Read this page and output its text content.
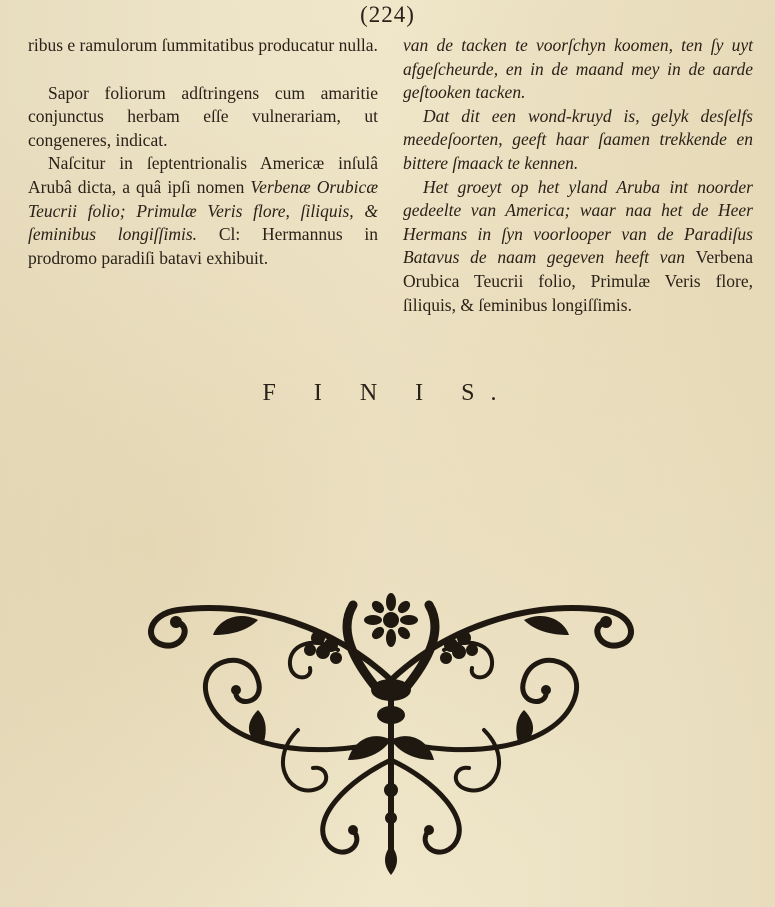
(224)

ribus e ramulorum ſummitatibus producatur nulla.

Sapor foliorum adſtringens cum amaritie conjunctus herbam eſſe vulnerariam, ut congeneres, indicat.

Naſcitur in ſeptentrionalis Americæ inſulâ Arubâ dicta, a quâ ipſi nomen Verbenæ Orubicæ Teucrii folio; Primulæ Veris flore, ſiliquis, & ſeminibus longiſſimis. Cl: Hermannus in prodromo paradiſi batavi exhibuit.

van de tacken te voorſchyn koomen, ten ſy uyt afgeſcheurde, en in de maand mey in de aarde geſtooken tacken.

Dat dit een wond-kruyd is, gelyk desſelfs meedeſoorten, geeft haar ſaamen trekkende en bittere ſmaack te kennen.

Het groeyt op het yland Aruba int noorder gedeelte van America; waar naa het de Heer Hermans in ſyn voorlooper van de Paradiſus Batavus de naam gegeven heeft van Verbena Orubica Teucrii folio, Primulæ Veris flore, ſiliquis, & ſeminibus longiſſimis.

F I N I S.
